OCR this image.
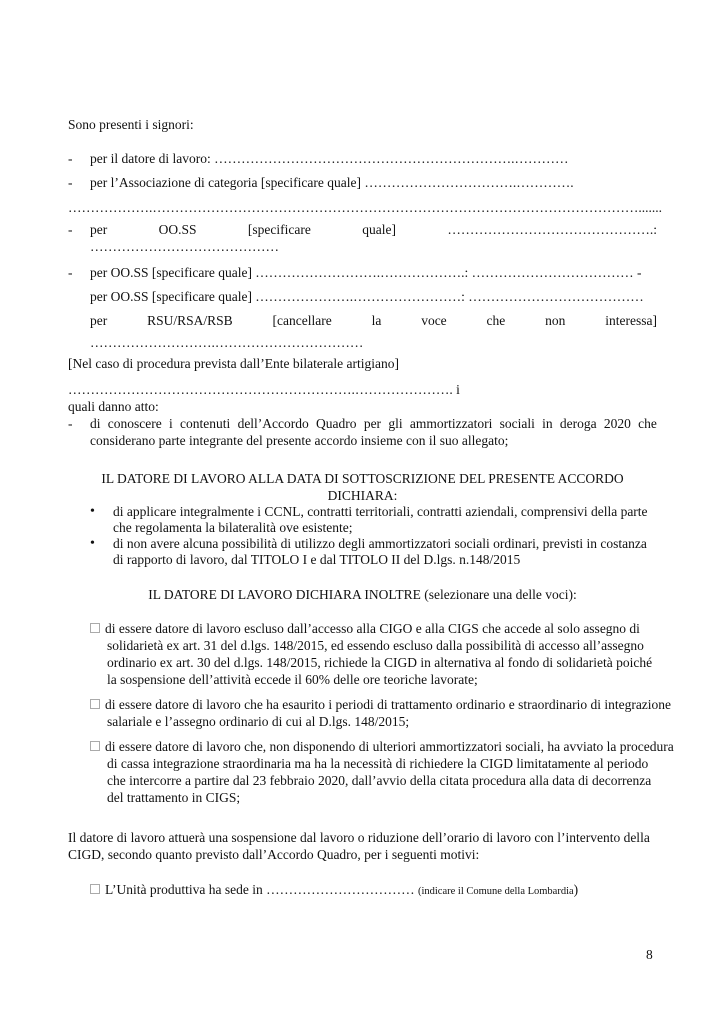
Sono presenti i signori:
- per il datore di lavoro: ………………………………………………………….…………
- per l’Associazione di categoria [specificare quale] …………………………….………….
……………….……………………………………………………………………………………………….......
- per	OO.SS	[specificare	quale]	……………………………………….:
……………………………………
- per OO.SS [specificare quale] ……………………….……………….: ……………………………… -
per OO.SS [specificare quale] ………………….……………………: …………………………………
per	RSU/RSA/RSB	[cancellare	la	voce	che	non	interessa]
……………………….……………………………
[Nel caso di procedura prevista dall’Ente bilaterale artigiano]
……………………………………………………….…………………. i
quali danno atto:
- di conoscere i contenuti dell’Accordo Quadro per gli ammortizzatori sociali in deroga 2020 che
considerano parte integrante del presente accordo insieme con il suo allegato;
IL DATORE DI LAVORO ALLA DATA DI SOTTOSCRIZIONE DEL PRESENTE ACCORDO
DICHIARA:
• di applicare integralmente i CCNL, contratti territoriali, contratti aziendali, comprensivi della parte
che regolamenta la bilateralità ove esistente;
• di non avere alcuna possibilità di utilizzo degli ammortizzatori sociali ordinari, previsti in costanza
di rapporto di lavoro, dal TITOLO I e dal TITOLO II del D.lgs. n.148/2015
IL DATORE DI LAVORO DICHIARA INOLTRE (selezionare una delle voci):
di essere datore di lavoro escluso dall’accesso alla CIGO e alla CIGS che accede al solo assegno di
solidarietà ex art. 31 del d.lgs. 148/2015, ed essendo escluso dalla possibilità di accesso all’assegno
ordinario ex art. 30 del d.lgs. 148/2015, richiede la CIGD in alternativa al fondo di solidarietà poiché
la sospensione dell’attività eccede il 60% delle ore teoriche lavorate;
di essere datore di lavoro che ha esaurito i periodi di trattamento ordinario e straordinario di integrazione
salariale e l’assegno ordinario di cui al D.lgs. 148/2015;
di essere datore di lavoro che, non disponendo di ulteriori ammortizzatori sociali, ha avviato la procedura
di cassa integrazione straordinaria ma ha la necessità di richiedere la CIGD limitatamente al periodo
che intercorre a partire dal 23 febbraio 2020, dall’avvio della citata procedura alla data di decorrenza
del trattamento in CIGS;
Il datore di lavoro attuerà una sospensione dal lavoro o riduzione dell’orario di lavoro con l’intervento della
CIGD, secondo quanto previsto dall’Accordo Quadro, per i seguenti motivi:
L’Unità produttiva ha sede in …………………………… (indicare il Comune della Lombardia)
8
